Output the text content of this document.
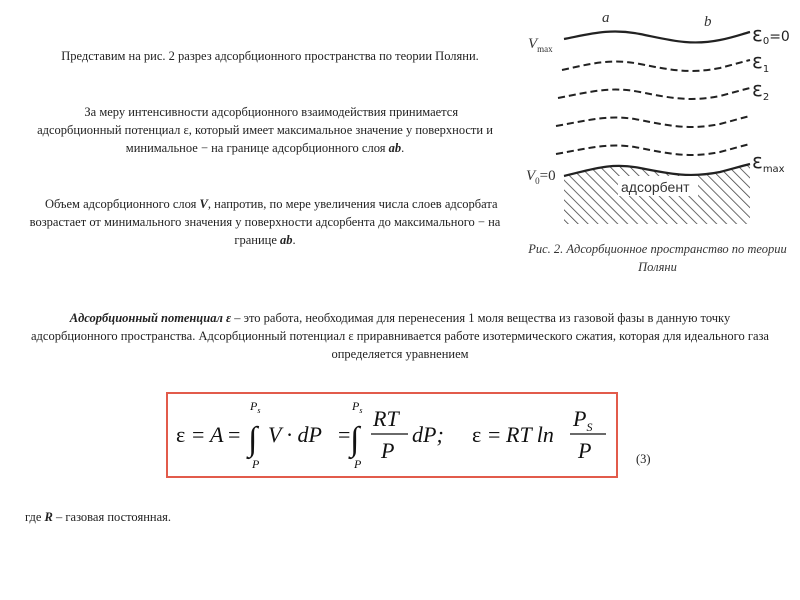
Представим на рис. 2 разрез адсорбционного пространства по теории Поляни.
За меру интенсивности адсорбционного взаимодействия принимается адсорбционный потенциал ε, который имеет максимальное значение у поверхности и минимальное − на границе адсорбционного слоя ab.
Объем адсорбционного слоя V, напротив, по мере увеличения числа слоев адсорбата возрастает от минимального значения у поверхности адсорбента до максимального − на границе ab.
a	b
адсорбент
$V_{max}$
$V_0=0$
ε0=0
$\varepsilon_1$
$\varepsilon_2$
$\varepsilon_{max}$
Рис. 2. Адсорбционное пространство по теории Поляни
Адсорбционный потенциал ε – это работа, необходимая для перенесения 1 моля вещества из газовой фазы в данную точку адсорбционного пространства. Адсорбционный потенциал ε приравнивается работе изотермического сжатия, которая для идеального газа определяется уравнением
ε = A = ∫
$P_s$
P
V · dP = ∫
$P_s$
P
RT
P
dP; ε = RT ln
$P_S$
P	(3)
где R – газовая постоянная.
